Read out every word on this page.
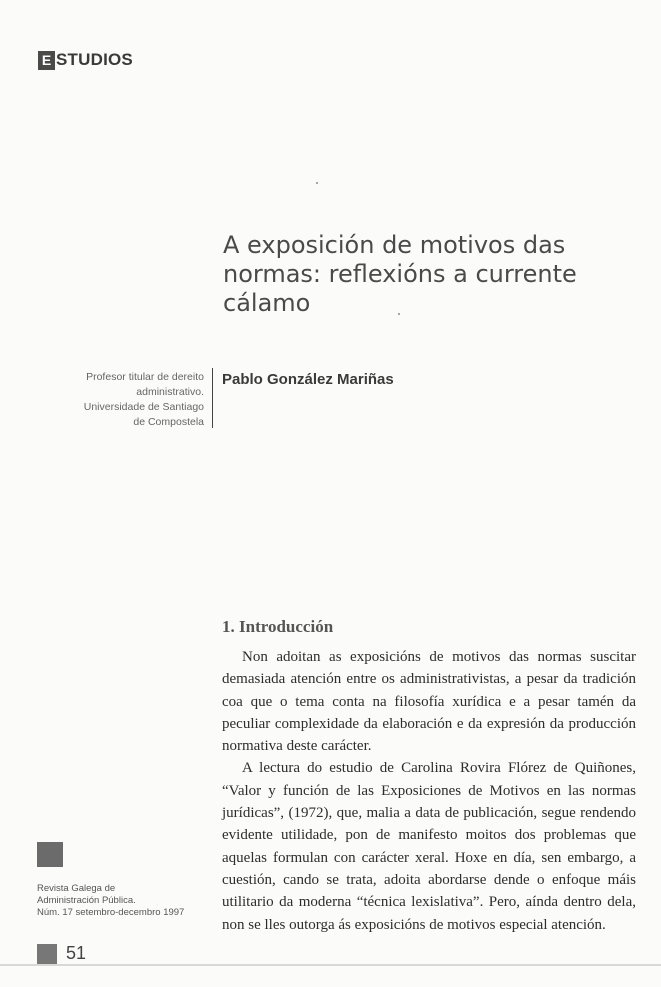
E STUDIOS
A exposición de motivos das normas: reflexións a currente cálamo
Profesor titular de dereito
administrativo.
Universidade de Santiago
de Compostela
Pablo González Mariñas
1. Introducción

Non adoitan as exposicións de motivos das normas suscitar demasiada atención entre os administrativistas, a pesar da tradición coa que o tema conta na filosofía xurídica e a pesar tamén da peculiar complexidade da elaboración e da expresión da producción normativa deste carácter.

A lectura do estudio de Carolina Rovira Flórez de Quiñones, “Valor y función de las Exposiciones de Motivos en las normas jurídicas”, (1972), que, malia a data de publicación, segue rendendo evidente utilidade, pon de manifesto moitos dos problemas que aquelas formulan con carácter xeral. Hoxe en día, sen embargo, a cuestión, cando se trata, adoita abordarse dende o enfoque máis utilitario da moderna “técnica lexislativa”. Pero, aínda dentro dela, non se lles outorga ás exposicións de motivos especial atención.

Revista Galega de
Administración Pública.
Núm. 17 setembro-decembro 1997
51
